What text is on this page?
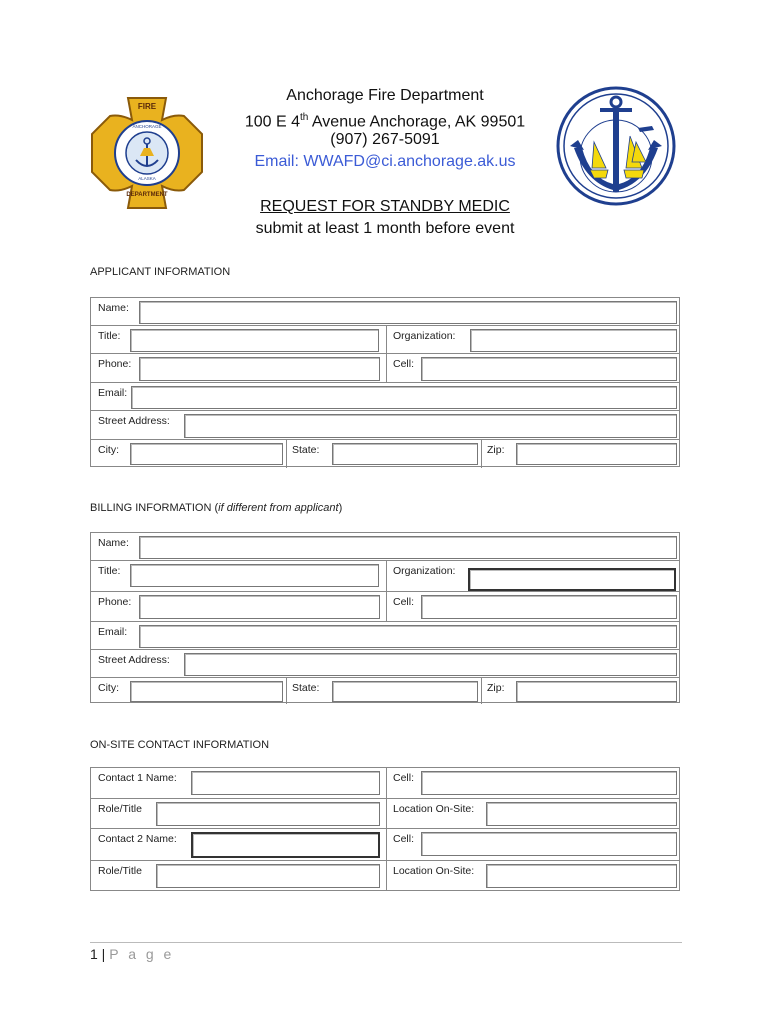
FIRE
ANCHORAGE
ALASKA
DEPARTMENT
Anchorage Fire Department
100 E 4th Avenue Anchorage, AK 99501
(907) 267-5091
Email: WWAFD@ci.anchorage.ak.us
REQUEST FOR STANDBY MEDIC
submit at least 1 month before event
APPLICANT INFORMATION
Name:
Title:	Organization:
Phone:	Cell:
Email:
Street Address:
City:	State:	Zip:
BILLING INFORMATION (if different from applicant)
Name:
Title:	Organization:
Phone:	Cell:
Email:
Street Address:
City:	State:	Zip:
ON-SITE CONTACT INFORMATION
Contact 1 Name:	Cell:
Role/Title	Location On-Site:
Contact 2 Name:	Cell:
Role/Title	Location On-Site:
1 | P a g e
